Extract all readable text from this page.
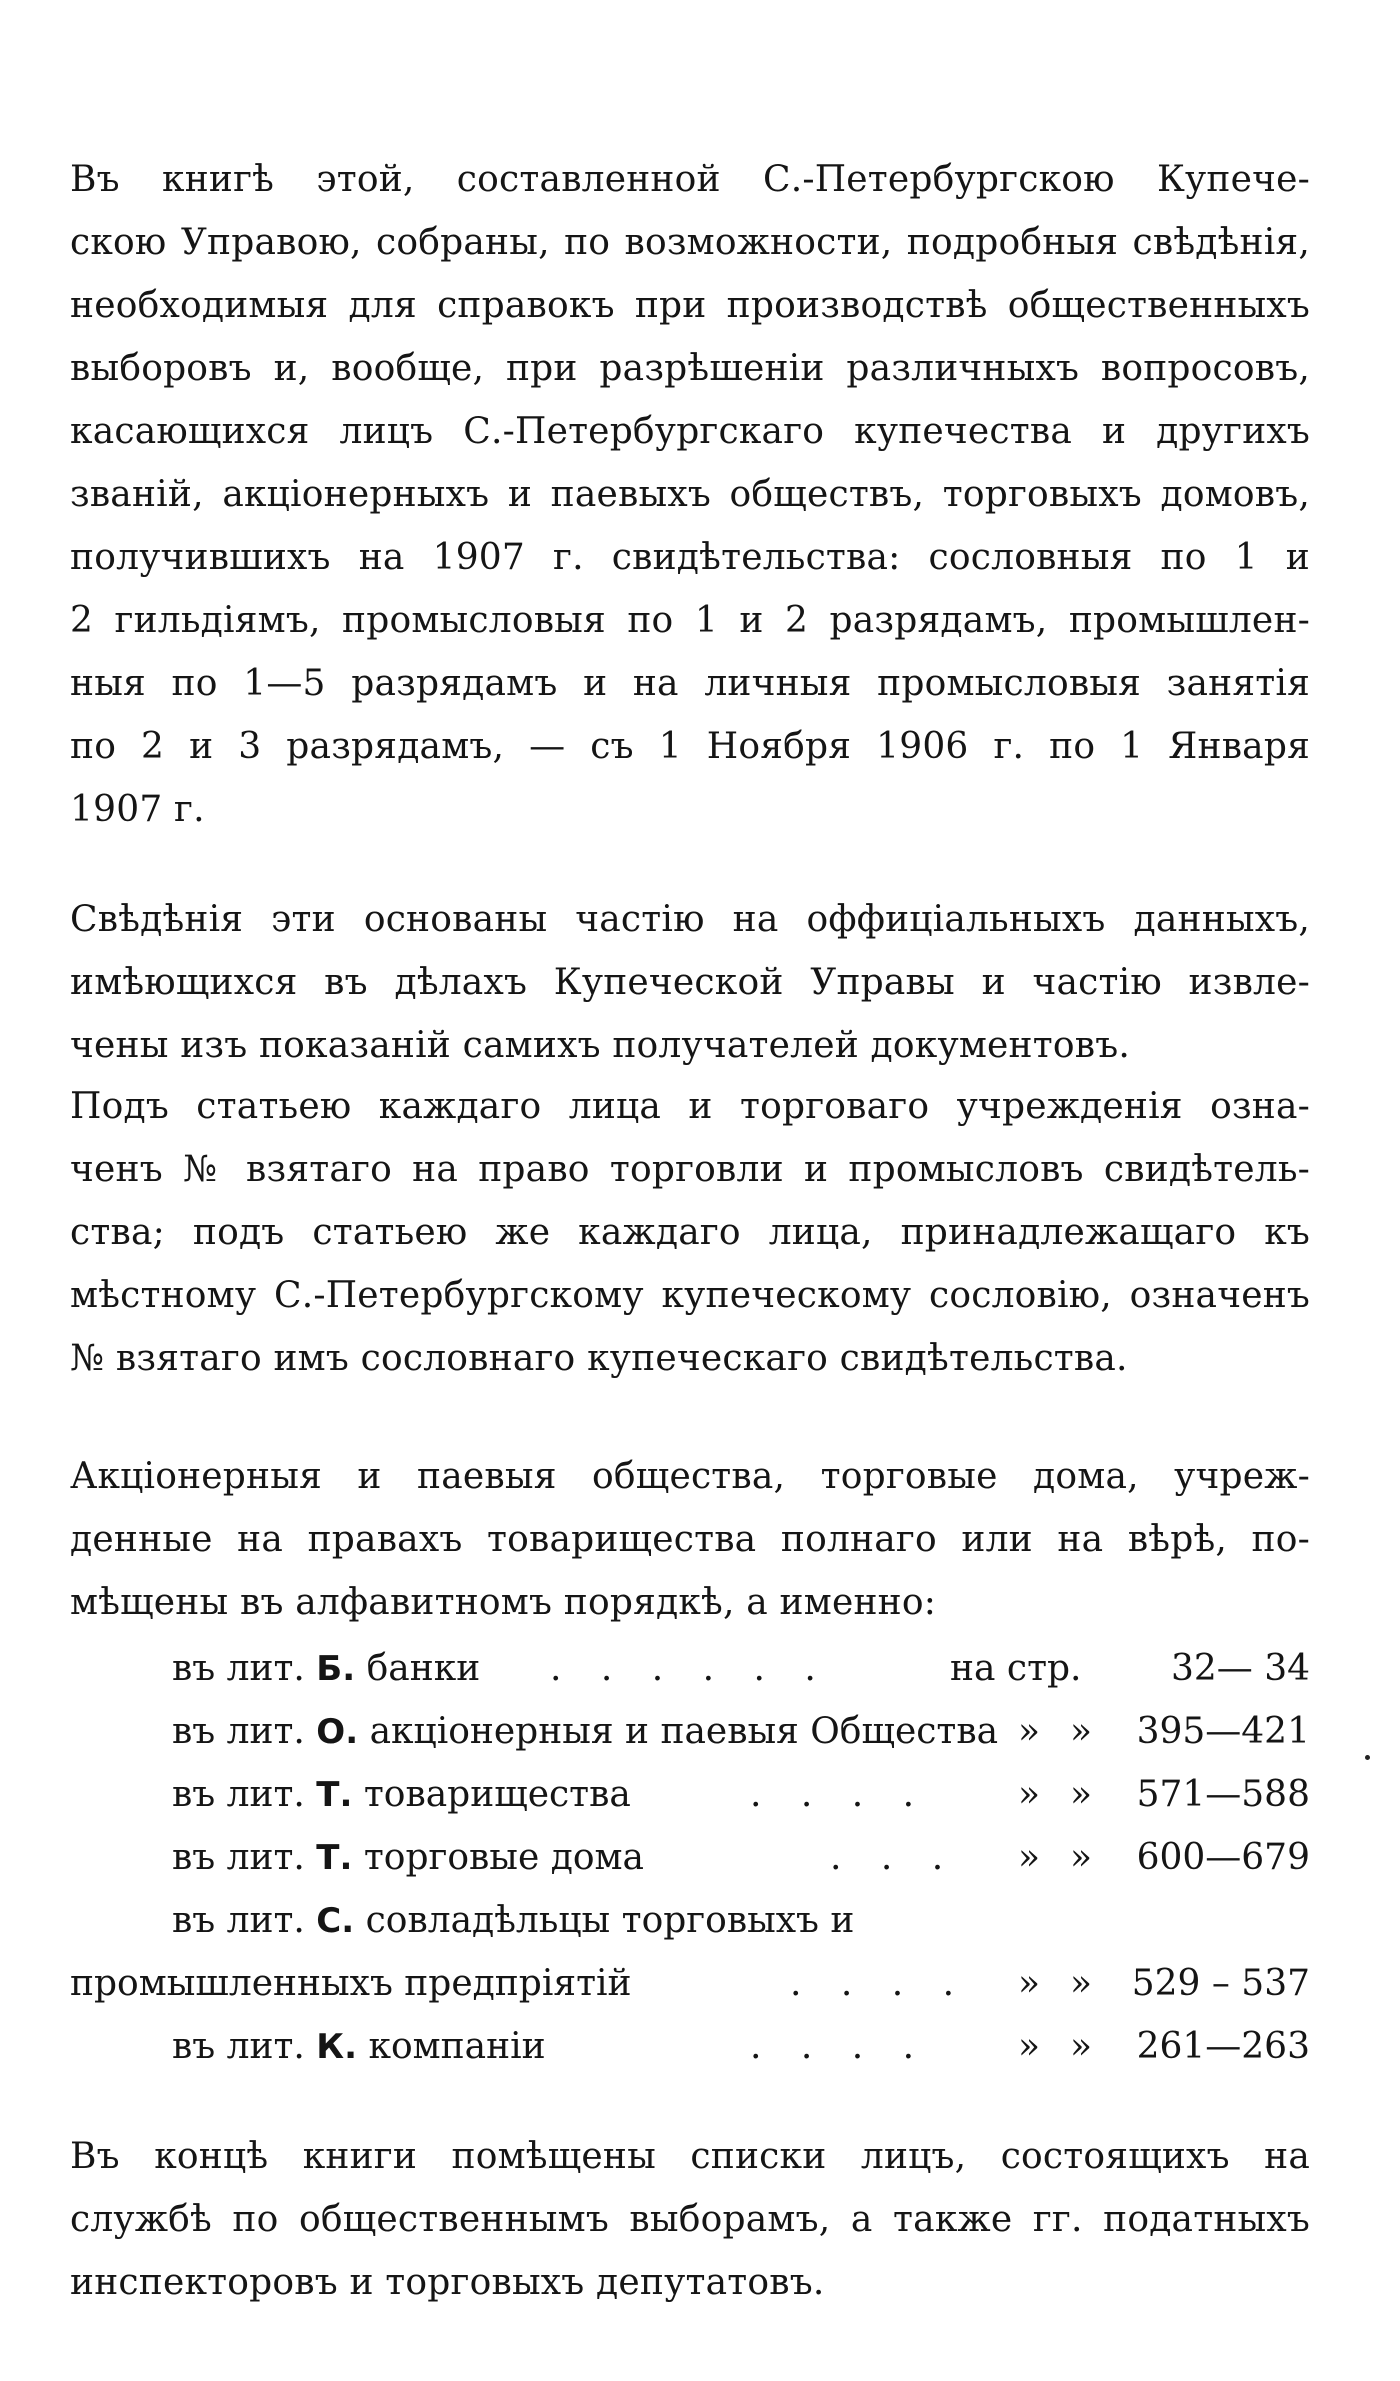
Въ книгѣ этой, составленной С.-Петербургскою Купече-
скою Управою, собраны, по возможности, подробныя свѣдѣнія,
необходимыя для справокъ при производствѣ общественныхъ
выборовъ и, вообще, при разрѣшеніи различныхъ вопросовъ,
касающихся лицъ С.-Петербургскаго купечества и другихъ
званій, акціонерныхъ и паевыхъ обществъ, торговыхъ домовъ,
получившихъ на 1907 г. свидѣтельства: сословныя по 1 и
2 гильдіямъ, промысловыя по 1 и 2 разрядамъ, промышлен-
ныя по 1—5 разрядамъ и на личныя промысловыя занятія
по 2 и 3 разрядамъ, — съ 1 Ноября 1906 г. по 1 Января
1907 г.
Свѣдѣнія эти основаны частію на оффиціальныхъ данныхъ,
имѣющихся въ дѣлахъ Купеческой Управы и частію извле-
чены изъ показаній самихъ получателей документовъ.
Подъ статьею каждаго лица и торговаго учрежденія озна-
ченъ № взятаго на право торговли и промысловъ свидѣтель-
ства; подъ статьею же каждаго лица, принадлежащаго къ
мѣстному С.-Петербургскому купеческому сословію, означенъ
№ взятаго имъ сословнаго купеческаго свидѣтельства.
Акціонерныя и паевыя общества, торговые дома, учреж-
денные на правахъ товарищества полнаго или на вѣрѣ, по-
мѣщены въ алфавитномъ порядкѣ, а именно:
въ лит. Б. банки . . . . . .	на стр. 32— 34
въ лит. О. акціонерныя и паевыя Общества » » 395—421
въ лит. Т. товарищества	. . . . » » 571—588
въ лит. Т. торговые дома	. . . » » 600—679
въ лит. С. совладѣльцы торговыхъ и
промышленныхъ предпріятій	. . . . » » 529 – 537
въ лит. К. компаніи	. . . . » » 261—263
Въ концѣ книги помѣщены списки лицъ, состоящихъ на
службѣ по общественнымъ выборамъ, а также гг. податныхъ
инспекторовъ и торговыхъ депутатовъ.
